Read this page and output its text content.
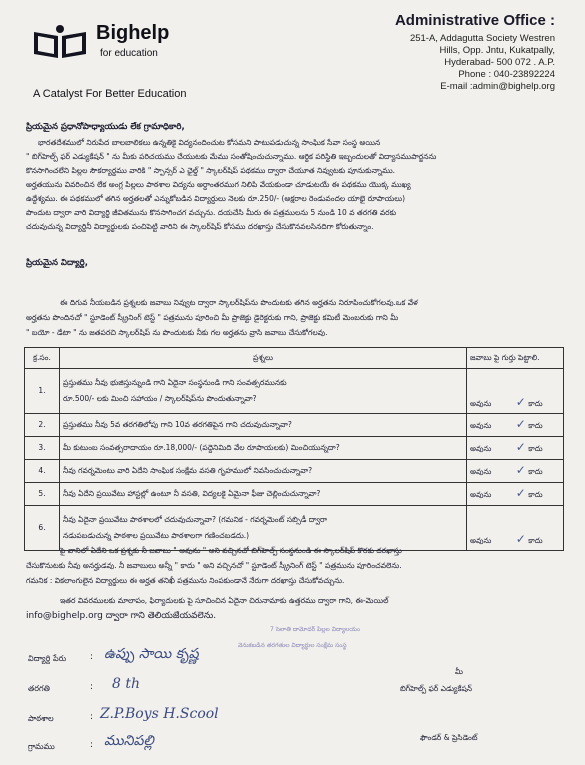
Bighelp
for education
A Catalyst For Better Education
Administrative Office :
251-A, Addagutta Society Westren
Hills, Opp. Jntu, Kukatpally,
Hyderabad- 500 072 . A.P.
Phone : 040-23892224
E-mail :admin@bighelp.org
ప్రియమైన ప్రధానోపాధ్యాయుడు లేక గ్రామాధికారి,
భారతదేశములో నిరుపేద బాలబాలికలు ఉన్నతికై విద్యనందించుట కోసమని పాటుపడుచున్న సాంఘిక సేవా సంస్థ అయిన
" బిగ్‌హెల్ప్ ఫర్ ఎడ్యుకేషన్ " ను మీకు పరిచయము చేయుటకు మేము సంతోషించుచున్నాము. ఆర్థిక పరిస్థితి ఇబ్బందులతో విద్యాసముపార్జనను
కొనసాగించలేని పిల్లల సౌకర్యార్థము వారికి " స్పాన్సర్ ఎ ఛైల్డ్ " స్కాలర్‌షిప్ పథకము ద్వారా చేయూత నివ్వుటకు పూనుకున్నాము.
అర్హతయును వివరించిన లేక అంగ్ల పిల్లలు పాఠశాల విద్యను అర్ధాంతరముగ నిలిపి వేయకుండా చూడుటయే ఈ పథకము యొక్క ముఖ్య
ఉద్దేశ్యము. ఈ పథకములో తగిన అర్హతలతో ఎన్నుకోబడిన విద్యార్ధులు నెలకు రూ.250/- (అక్షరాల రెండువందల యాభై రూపాయలు)
పొందుట ద్వారా వారి విద్యార్థి జీవితమును కొనసాగించగ వచ్చును. దయచేసి మీరు ఈ పత్రములను 5 నుండి 10 వ తరగతి వరకు
చదువుచున్న విద్యార్థినీ విద్యార్థులకు పంచిపెట్టి వారిని ఈ స్కాలర్‌షిప్ కోసము దరఖాస్తు చేసుకొనవలసినదిగా కోరుతున్నాం.
ప్రియమైన విద్యార్థి,
ఈ దిగువ నీయబడిన ప్రశ్నలకు జవాబు నివ్వుట ద్వారా స్కాలర్‌షిప్‌ను పొందుటకు తగిన అర్హతను నిరూపించుకోగలవు.ఒక వేళ
అర్హతను పొందినచో " స్టూడెంట్ స్క్రీనింగ్ టెస్ట్ " పత్రమును పూరించి మీ ప్రాజెక్టు డైరెక్టరుకు గాని, ప్రాజెక్టు కమిటీ మెంబరుకు గాని మీ
" బయో - డేటా " ను జతపరచి స్కాలర్‌షిప్ ను పొందుటకు నీకు గల అర్హతను వ్రాసి జవాబు చేసుకోగలవు.
క్ర.సం.	ప్రశ్నలు	జవాబు పై గుర్తు పెట్టాలి.
1.	ప్రస్తుతము నీవు భుజిస్తున్నుండి గాని ఏదైనా సంస్థనుండి గాని సంవత్సరమునకు
రూ.500/- లకు మించి సహాయం / స్కాలర్‌షిప్‌ను పొందుతున్నావా?	అవును ✓ కాదు
2.	ప్రస్తుతము నీవు 5వ తరగతిలోపు గాని 10వ తరగతిపైన గాని చదువుచున్నావా?	అవును ✓ కాదు
3.	మీ కుటుంబ సంవత్సరాదాయం రూ.18,000/- (పద్దెనిమిది వేల రూపాయలకు) మించియున్నదా?	అవును ✓ కాదు
4.	నీవు గవర్నమెంటు వారి ఏదేని సాంఘిక సంక్షేమ వసతి గృహములో నివసించుచున్నావా?	అవును ✓ కాదు
5.	నీవు ఏదేని ప్రయివేటు హాస్టల్లో ఉంటూ నీ వసతి, విద్యలకై ఏమైనా ఫీజు చెల్లించుచున్నావా?	అవును ✓ కాదు
6.	నీవు ఏదైనా ప్రయివేటు పాఠశాలలో చదువుచున్నావా? (గమనిక - గవర్నమెంట్ సబ్సిడీ ద్వారా
నడుపబడుచున్న పాఠశాల ప్రయివేటు పాఠశాలగా గణించబడదు.)	అవును ✓ కాదు
పై వానిలో ఏదేని ఒక ప్రశ్నకు నీ జవాబు " అవును " అని వచ్చినచో బిగ్‌హెల్ప్ సంస్థనుండి ఈ స్కాలర్‌షిప్ కొరకు దరఖాస్తు
చేసుకొనుటకు నీవు అనర్హుడవు. నీ జవాబులు అన్నీ " కాదు " అని వచ్చినచో " స్టూడెంట్ స్క్రీనింగ్ టెస్ట్ " పత్రమును పూరించవలెను.
గమనిక : వికలాంగులైన విద్యార్థులు ఈ అర్హత తనిఖీ పత్రమును నింపకుండానే నేరుగా దరఖాస్తు చేసుకోవచ్చును.
ఇతర వివరములకు మాలాపం, ఫిర్యాదులకు పై సూచించిన ఏదైనా చిరునామాకు ఉత్తరము ద్వారా గాని, ఈ-మెయిల్
info@bighelp.org ద్వారా గాని తెలియజేయవలెను.
7 సెలాతి దామోదర్ పిల్లల విద్యాలయం
వెనుకబడిన తరగతుల విద్యార్థుల సంక్షేమ సంస్థ
విద్యార్థి పేరు	: ఉప్పు సాయి కృష్ణ
తరగతి	: 8 th
పాఠశాల	: Z.P.Boys H.Scool
గ్రామము	: మునిపల్లి
మీ
బిగ్‌హెల్ప్ ఫర్ ఎడ్యుకేషన్
ఫౌండర్ & ప్రెసిడెంట్
